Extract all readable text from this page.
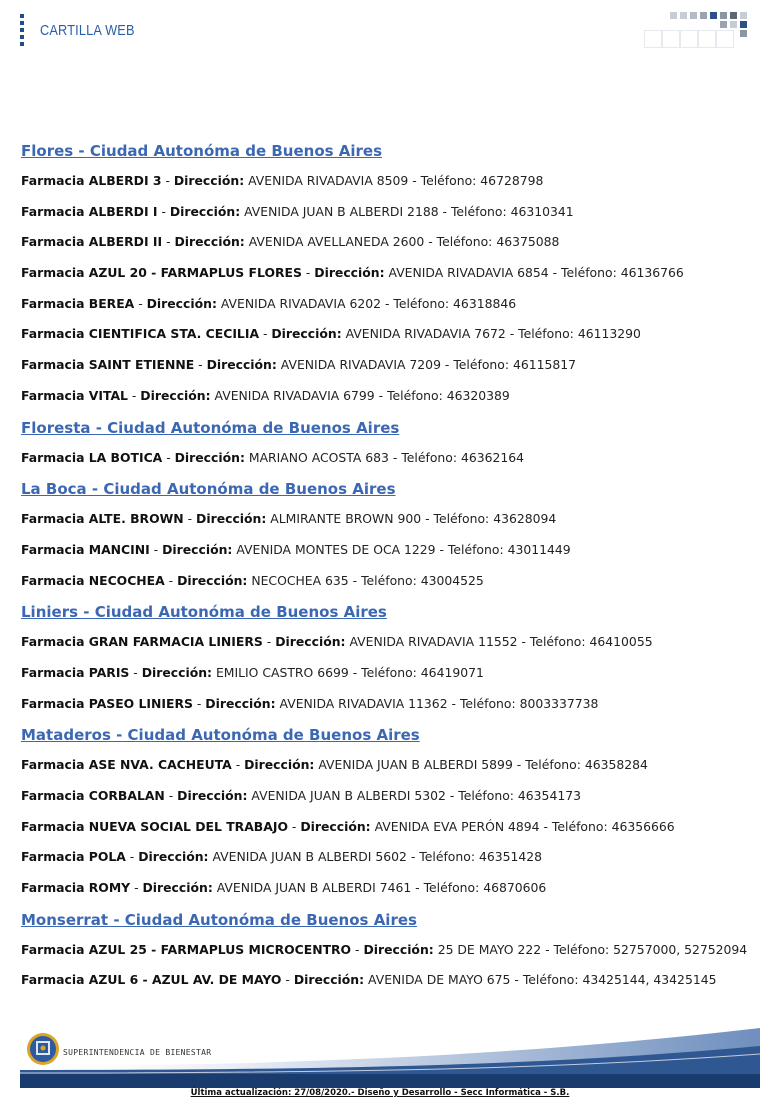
CARTILLA WEB
Flores - Ciudad Autonóma de Buenos Aires
Farmacia ALBERDI 3 - Dirección: AVENIDA RIVADAVIA 8509 - Teléfono: 46728798
Farmacia ALBERDI I - Dirección: AVENIDA JUAN B ALBERDI 2188 - Teléfono: 46310341
Farmacia ALBERDI II - Dirección: AVENIDA AVELLANEDA 2600 - Teléfono: 46375088
Farmacia AZUL 20 - FARMAPLUS FLORES - Dirección: AVENIDA RIVADAVIA 6854 - Teléfono: 46136766
Farmacia BEREA - Dirección: AVENIDA RIVADAVIA 6202 - Teléfono: 46318846
Farmacia CIENTIFICA STA. CECILIA - Dirección: AVENIDA RIVADAVIA 7672 - Teléfono: 46113290
Farmacia SAINT ETIENNE - Dirección: AVENIDA RIVADAVIA 7209 - Teléfono: 46115817
Farmacia VITAL - Dirección: AVENIDA RIVADAVIA 6799 - Teléfono: 46320389
Floresta - Ciudad Autonóma de Buenos Aires
Farmacia LA BOTICA - Dirección: MARIANO ACOSTA 683 - Teléfono: 46362164
La Boca - Ciudad Autonóma de Buenos Aires
Farmacia ALTE. BROWN - Dirección: ALMIRANTE BROWN 900 - Teléfono: 43628094
Farmacia MANCINI - Dirección: AVENIDA MONTES DE OCA 1229 - Teléfono: 43011449
Farmacia NECOCHEA - Dirección: NECOCHEA 635 - Teléfono: 43004525
Liniers - Ciudad Autonóma de Buenos Aires
Farmacia GRAN FARMACIA LINIERS - Dirección: AVENIDA RIVADAVIA 11552 - Teléfono: 46410055
Farmacia PARIS - Dirección: EMILIO CASTRO 6699 - Teléfono: 46419071
Farmacia PASEO LINIERS - Dirección: AVENIDA RIVADAVIA 11362 - Teléfono: 8003337738
Mataderos - Ciudad Autonóma de Buenos Aires
Farmacia ASE NVA. CACHEUTA - Dirección: AVENIDA JUAN B ALBERDI 5899 - Teléfono: 46358284
Farmacia CORBALAN - Dirección: AVENIDA JUAN B ALBERDI 5302 - Teléfono: 46354173
Farmacia NUEVA SOCIAL DEL TRABAJO - Dirección: AVENIDA EVA PERÓN 4894 - Teléfono: 46356666
Farmacia POLA - Dirección: AVENIDA JUAN B ALBERDI 5602 - Teléfono: 46351428
Farmacia ROMY - Dirección: AVENIDA JUAN B ALBERDI 7461 - Teléfono: 46870606
Monserrat - Ciudad Autonóma de Buenos Aires
Farmacia AZUL 25 - FARMAPLUS MICROCENTRO - Dirección: 25 DE MAYO 222 - Teléfono: 52757000, 52752094
Farmacia AZUL 6 - AZUL AV. DE MAYO - Dirección: AVENIDA DE MAYO 675 - Teléfono: 43425144, 43425145
SUPERINTENDENCIA DE BIENESTAR
Última actualización: 27/08/2020.- Diseño y Desarrollo - Secc Informática - S.B.
